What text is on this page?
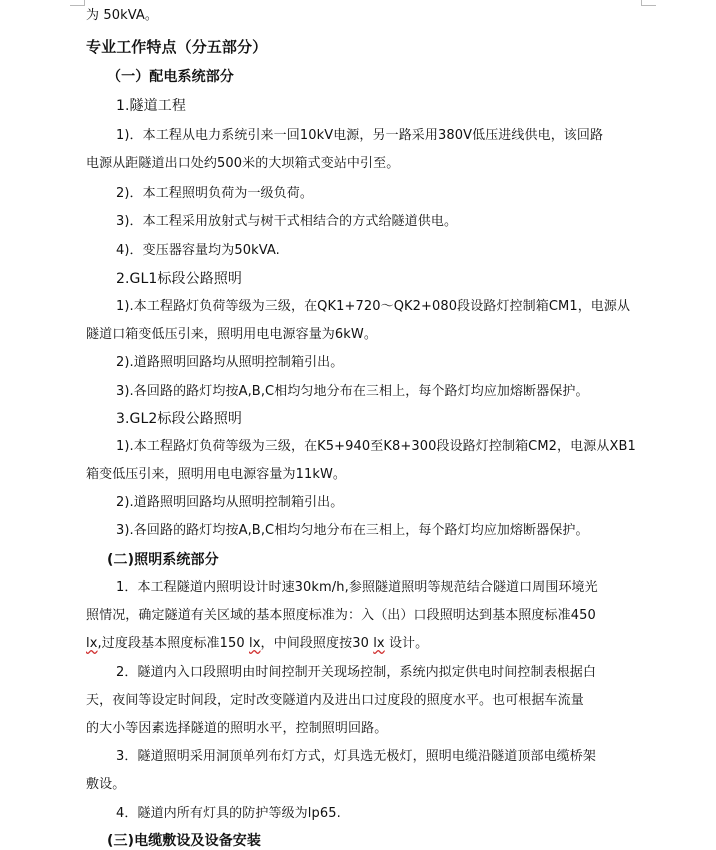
为 50kVA。
专业工作特点（分五部分）
（一）配电系统部分
1.隧道工程
1)．本工程从电力系统引来一回10kV电源，另一路采用380V低压进线供电，该回路
电源从距隧道出口处约500米的大坝箱式变站中引至。
2)．本工程照明负荷为一级负荷。
3)．本工程采用放射式与树干式相结合的方式给隧道供电。
4)．变压器容量均为50kVA.
2.GL1标段公路照明
1).本工程路灯负荷等级为三级，在QK1+720～QK2+080段设路灯控制箱CM1，电源从
隧道口箱变低压引来，照明用电电源容量为6kW。
2).道路照明回路均从照明控制箱引出。
3).各回路的路灯均按A,B,C相均匀地分布在三相上，每个路灯均应加熔断器保护。
3.GL2标段公路照明
1).本工程路灯负荷等级为三级，在K5+940至K8+300段设路灯控制箱CM2，电源从XB1
箱变低压引来，照明用电电源容量为11kW。
2).道路照明回路均从照明控制箱引出。
3).各回路的路灯均按A,B,C相均匀地分布在三相上，每个路灯均应加熔断器保护。
(二)照明系统部分
1．本工程隧道内照明设计时速30km/h,参照隧道照明等规范结合隧道口周围环境光
照情况，确定隧道有关区域的基本照度标准为：入（出）口段照明达到基本照度标准450
lx,过度段基本照度标准150 lx，中间段照度按30 lx 设计。
2．隧道内入口段照明由时间控制开关现场控制，系统内拟定供电时间控制表根据白
天，夜间等设定时间段，定时改变隧道内及进出口过度段的照度水平。也可根据车流量
的大小等因素选择隧道的照明水平，控制照明回路。
3．隧道照明采用洞顶单列布灯方式，灯具选无极灯，照明电缆沿隧道顶部电缆桥架
敷设。
4．隧道内所有灯具的防护等级为lp65.
(三)电缆敷设及设备安装
